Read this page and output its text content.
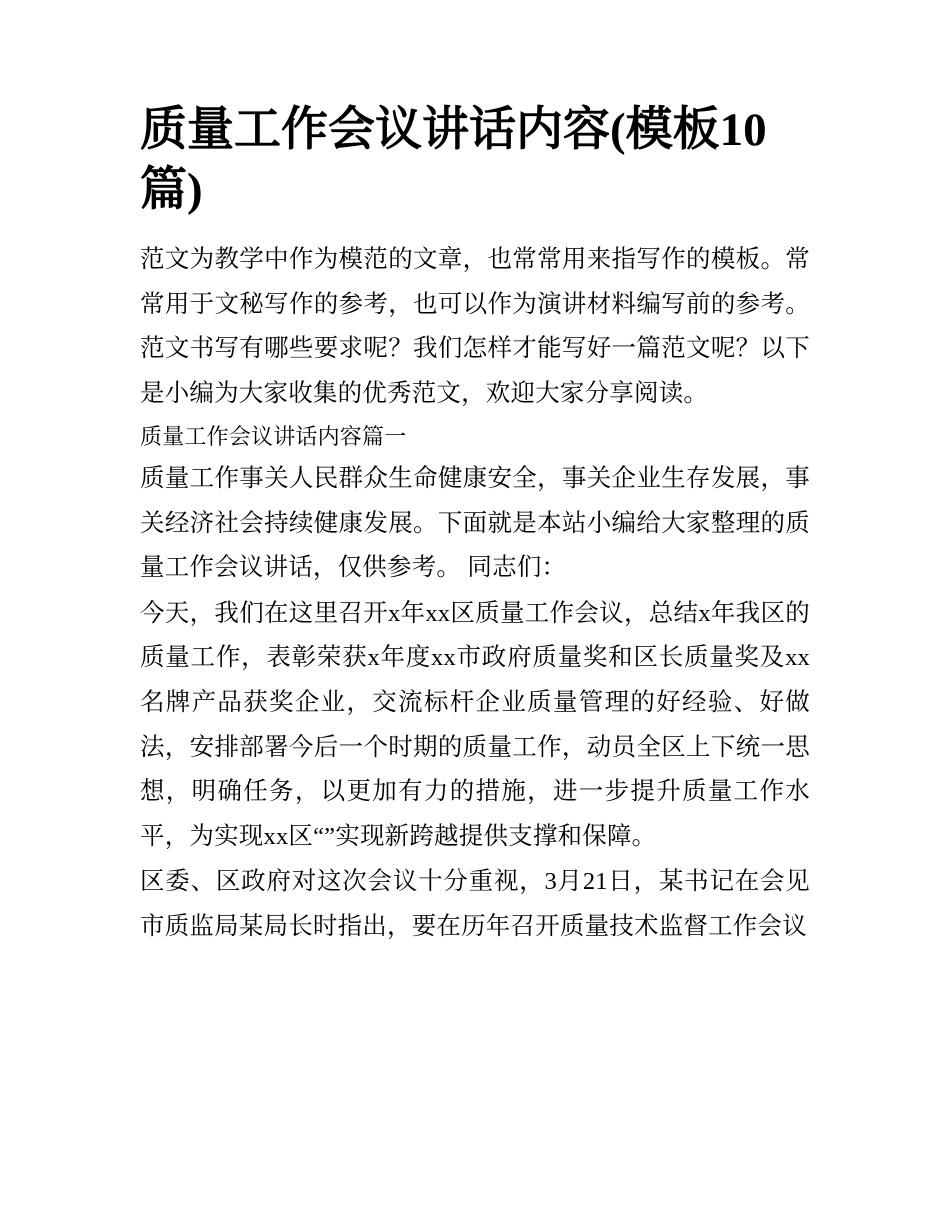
质量工作会议讲话内容(模板10篇)

范文为教学中作为模范的文章，也常常用来指写作的模板。常常用于文秘写作的参考，也可以作为演讲材料编写前的参考。范文书写有哪些要求呢？我们怎样才能写好一篇范文呢？以下是小编为大家收集的优秀范文，欢迎大家分享阅读。

质量工作会议讲话内容篇一

质量工作事关人民群众生命健康安全，事关企业生存发展，事关经济社会持续健康发展。下面就是本站小编给大家整理的质量工作会议讲话，仅供参考。 同志们：

今天，我们在这里召开x年xx区质量工作会议，总结x年我区的质量工作，表彰荣获x年度xx市政府质量奖和区长质量奖及xx名牌产品获奖企业，交流标杆企业质量管理的好经验、好做法，安排部署今后一个时期的质量工作，动员全区上下统一思想，明确任务，以更加有力的措施，进一步提升质量工作水平，为实现xx区“”实现新跨越提供支撑和保障。

区委、区政府对这次会议十分重视，3月21日，某书记在会见市质监局某局长时指出，要在历年召开质量技术监督工作会议
